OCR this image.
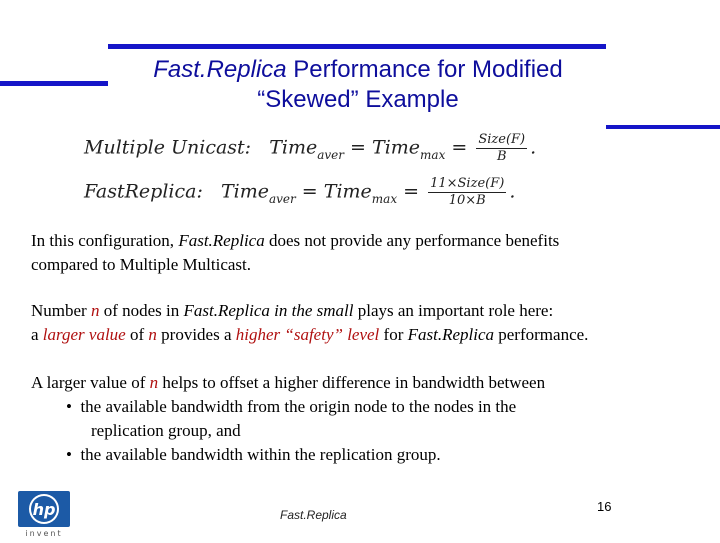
Fast.Replica Performance for Modified
“Skewed” Example
Multiple Unicast: Time$_{aver}$ = Time$_{max}$ = $\frac{\text{Size(F)}}{B}$ .
FastReplica: Time$_{aver}$ = Time$_{max}$ = $\frac{\text{11×Size(F)}}{10\times B}$ .
In this configuration, Fast.Replica does not provide any performance benefits
compared to Multiple Multicast.
Number n of nodes in Fast.Replica in the small plays an important role here:
a larger value of n provides a higher “safety” level for Fast.Replica performance.
A larger value of n helps to offset a higher difference in bandwidth between
• the available bandwidth from the origin node to the nodes in the
replication group, and
• the available bandwidth within the replication group.
hp
invent
Fast.Replica
16
